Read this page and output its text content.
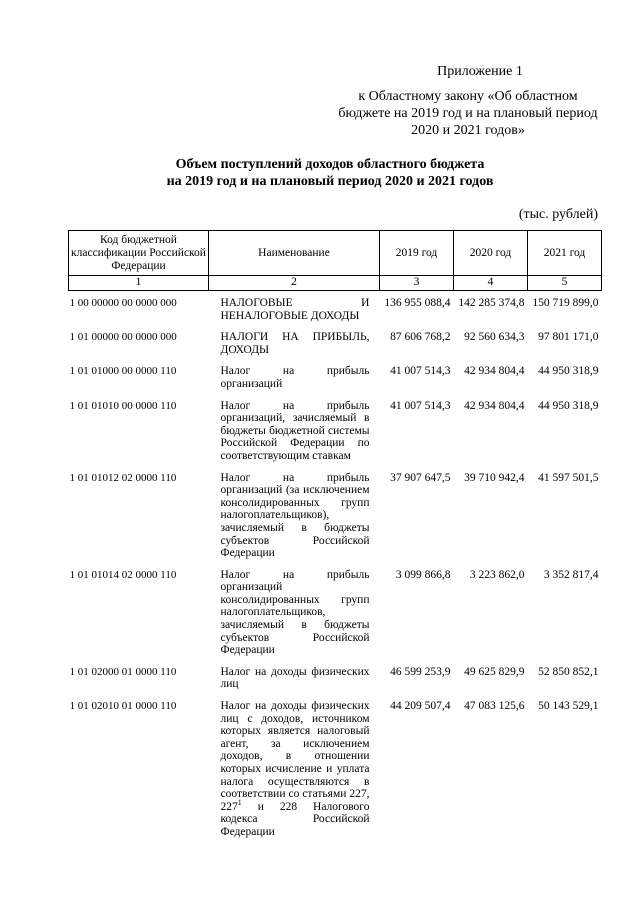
Приложение 1
к Областному закону «Об областном бюджете на 2019 год и на плановый период 2020 и 2021 годов»
Объем поступлений доходов областного бюджета
на 2019 год и на плановый период 2020 и 2021 годов
(тыс. рублей)
Код бюджетной классификации Российской Федерации	Наименование	2019 год	2020 год	2021 год
1	2	3	4	5
1 00 00000 00 0000 000	НАЛОГОВЫЕ И НЕНАЛОГОВЫЕ ДОХОДЫ	136 955 088,4	142 285 374,8	150 719 899,0
1 01 00000 00 0000 000	НАЛОГИ НА ПРИБЫЛЬ, ДОХОДЫ	87 606 768,2	92 560 634,3	97 801 171,0
1 01 01000 00 0000 110	Налог на прибыль организаций	41 007 514,3	42 934 804,4	44 950 318,9
1 01 01010 00 0000 110	Налог на прибыль организаций, зачисляемый в бюджеты бюджетной системы Российской Федерации по соответствующим ставкам	41 007 514,3	42 934 804,4	44 950 318,9
1 01 01012 02 0000 110	Налог на прибыль организаций (за исключением консолидированных групп налогоплательщиков), зачисляемый в бюджеты субъектов Российской Федерации	37 907 647,5	39 710 942,4	41 597 501,5
1 01 01014 02 0000 110	Налог на прибыль организаций консолидированных групп налогоплательщиков, зачисляемый в бюджеты субъектов Российской Федерации	3 099 866,8	3 223 862,0	3 352 817,4
1 01 02000 01 0000 110	Налог на доходы физических лиц	46 599 253,9	49 625 829,9	52 850 852,1
1 01 02010 01 0000 110	Налог на доходы физических лиц с доходов, источником которых является налоговый агент, за исключением доходов, в отношении которых исчисление и уплата налога осуществляются в соответствии со статьями 227, $227^1$ и 228 Налогового кодекса Российской Федерации	44 209 507,4	47 083 125,6	50 143 529,1
